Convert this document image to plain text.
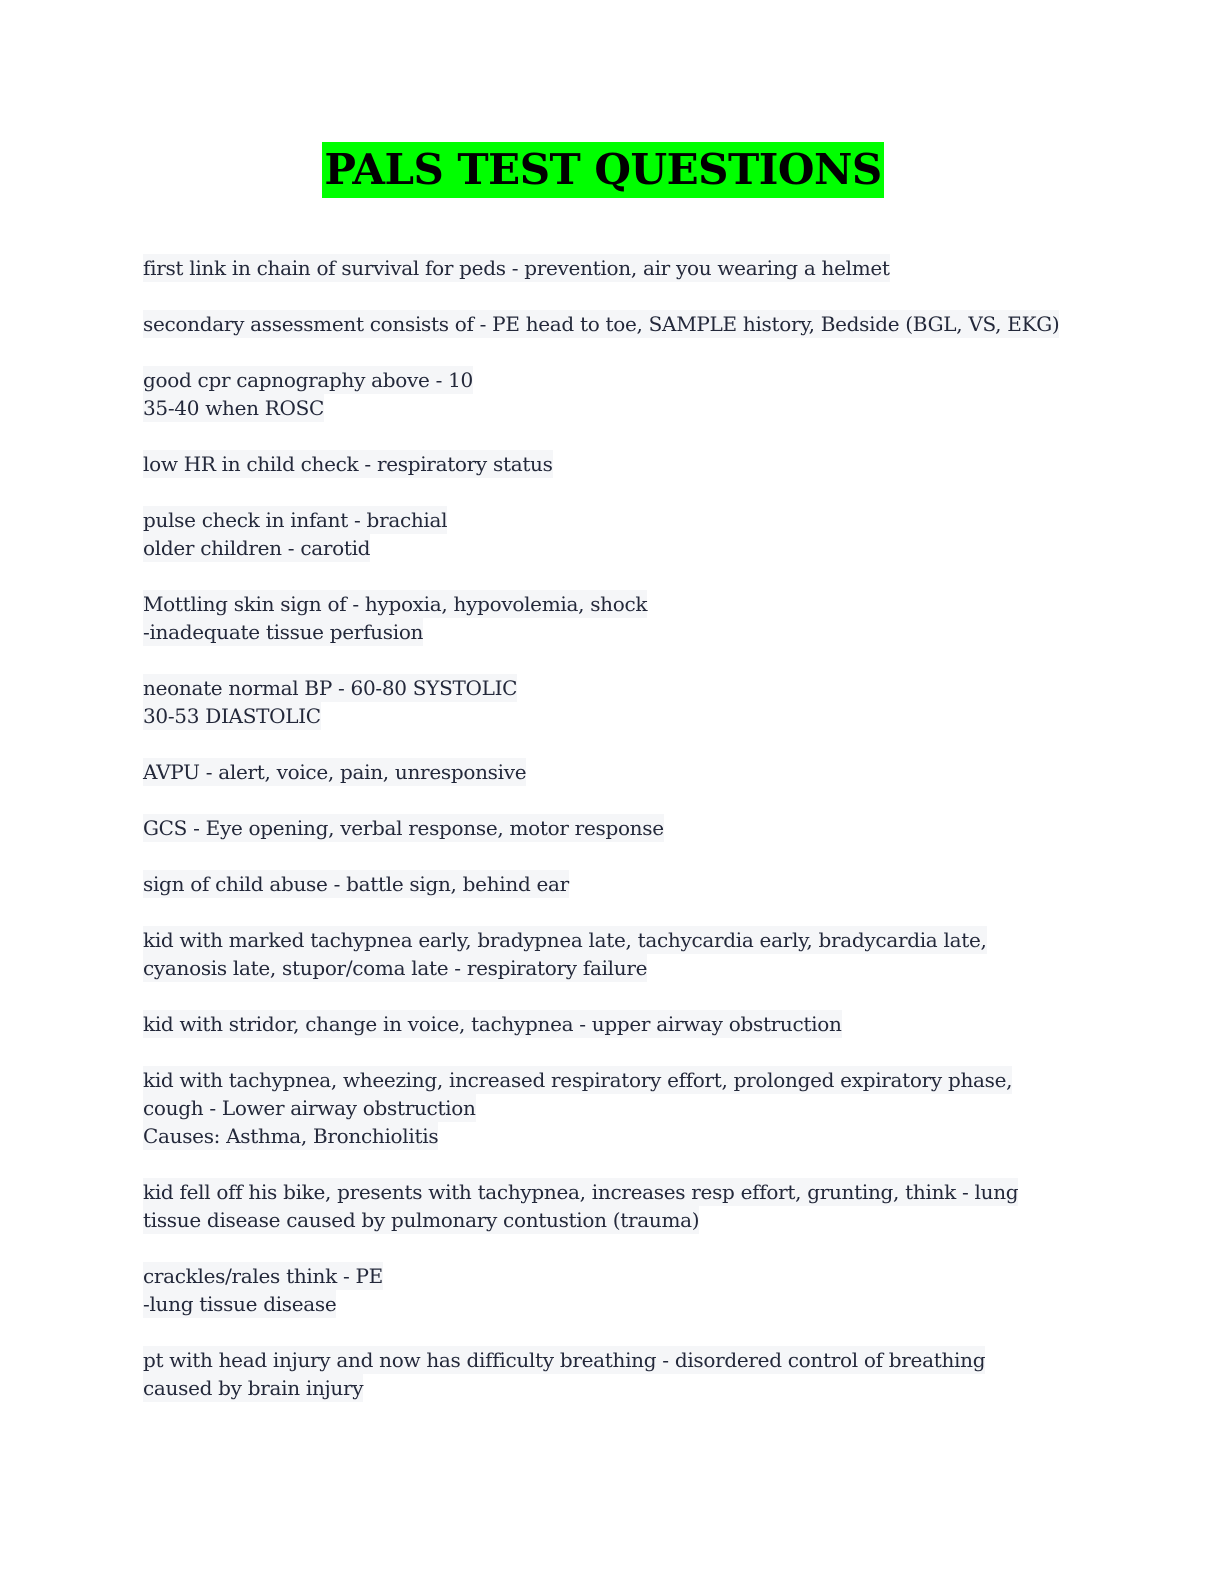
PALS TEST QUESTIONS
first link in chain of survival for peds - prevention, air you wearing a helmet
secondary assessment consists of - PE head to toe, SAMPLE history, Bedside (BGL, VS, EKG)
good cpr capnography above - 10
35-40 when ROSC
low HR in child check - respiratory status
pulse check in infant - brachial
older children - carotid
Mottling skin sign of - hypoxia, hypovolemia, shock
-inadequate tissue perfusion
neonate normal BP - 60-80 SYSTOLIC
30-53 DIASTOLIC
AVPU - alert, voice, pain, unresponsive
GCS - Eye opening, verbal response, motor response
sign of child abuse - battle sign, behind ear
kid with marked tachypnea early, bradypnea late, tachycardia early, bradycardia late,
cyanosis late, stupor/coma late - respiratory failure
kid with stridor, change in voice, tachypnea - upper airway obstruction
kid with tachypnea, wheezing, increased respiratory effort, prolonged expiratory phase,
cough - Lower airway obstruction
Causes: Asthma, Bronchiolitis
kid fell off his bike, presents with tachypnea, increases resp effort, grunting, think - lung
tissue disease caused by pulmonary contustion (trauma)
crackles/rales think - PE
-lung tissue disease
pt with head injury and now has difficulty breathing - disordered control of breathing
caused by brain injury
